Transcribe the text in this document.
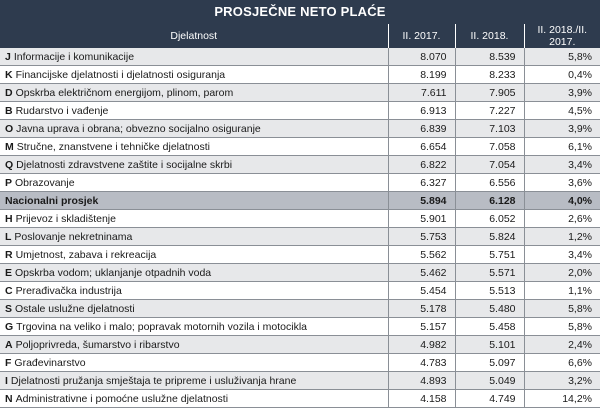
PROSJEČNE NETO PLAĆE
Djelatnost	II. 2017.	II. 2018.	II. 2018./II. 2017.
J Informacije i komunikacije	8.070	8.539	5,8%
K Financijske djelatnosti i djelatnosti osiguranja	8.199	8.233	0,4%
D Opskrba električnom energijom, plinom, parom	7.611	7.905	3,9%
B Rudarstvo i vađenje	6.913	7.227	4,5%
O Javna uprava i obrana; obvezno socijalno osiguranje	6.839	7.103	3,9%
M Stručne, znanstvene i tehničke djelatnosti	6.654	7.058	6,1%
Q Djelatnosti zdravstvene zaštite i socijalne skrbi	6.822	7.054	3,4%
P Obrazovanje	6.327	6.556	3,6%
Nacionalni prosjek	5.894	6.128	4,0%
H Prijevoz i skladištenje	5.901	6.052	2,6%
L Poslovanje nekretninama	5.753	5.824	1,2%
R Umjetnost, zabava i rekreacija	5.562	5.751	3,4%
E Opskrba vodom; uklanjanje otpadnih voda	5.462	5.571	2,0%
C Prerađivačka industrija	5.454	5.513	1,1%
S Ostale uslužne djelatnosti	5.178	5.480	5,8%
G Trgovina na veliko i malo; popravak motornih vozila i motocikla	5.157	5.458	5,8%
A Poljoprivreda, šumarstvo i ribarstvo	4.982	5.101	2,4%
F Građevinarstvo	4.783	5.097	6,6%
I Djelatnosti pružanja smještaja te pripreme i usluživanja hrane	4.893	5.049	3,2%
N Administrativne i pomoćne uslužne djelatnosti	4.158	4.749	14,2%
